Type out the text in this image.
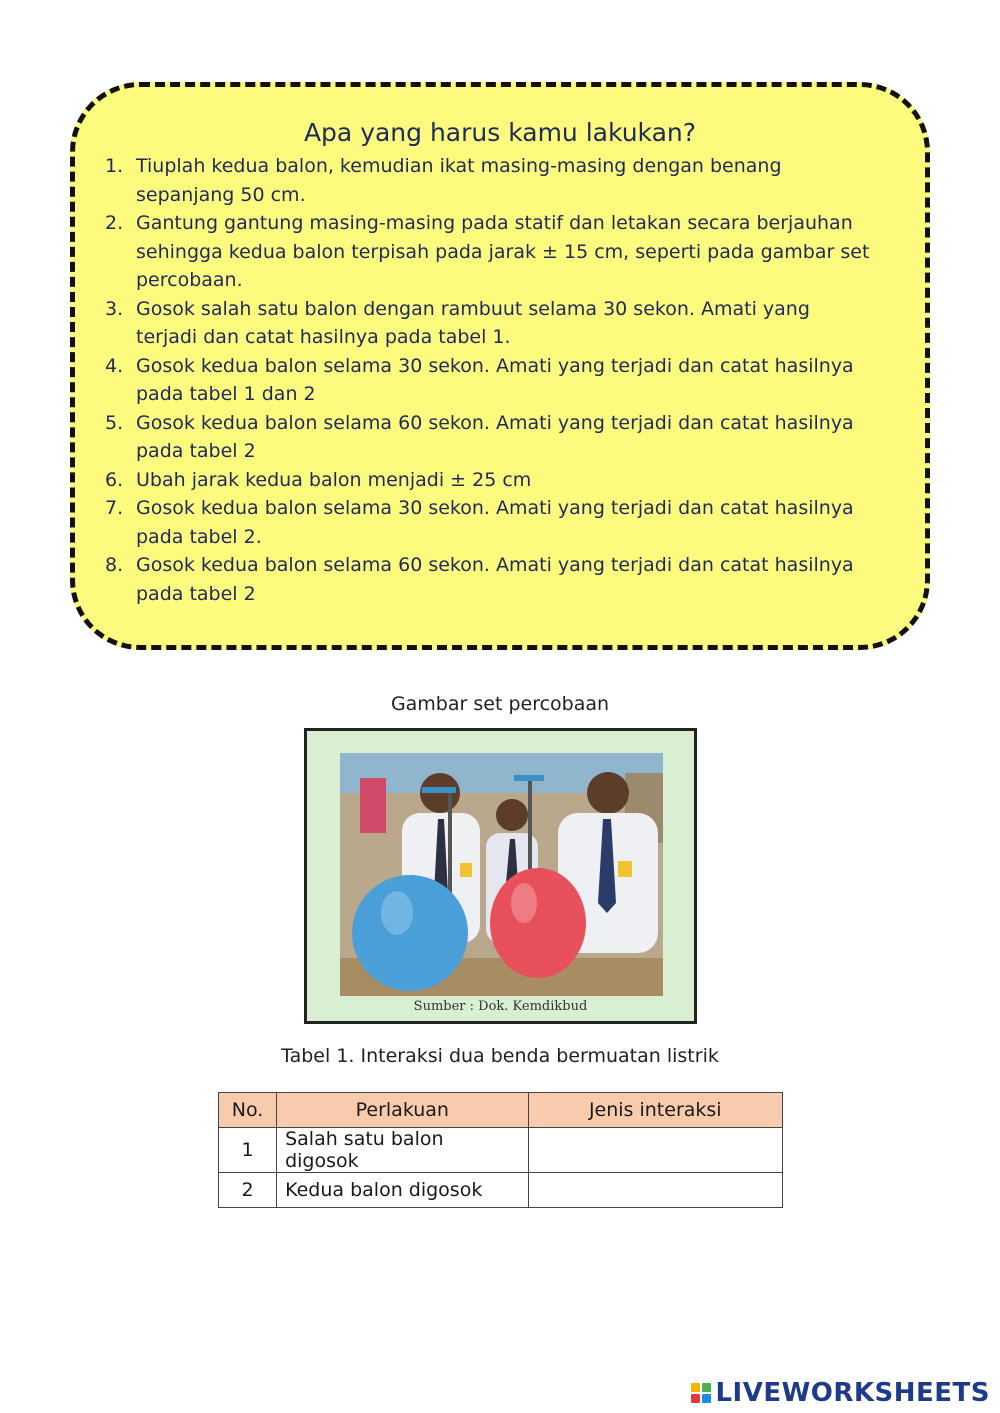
Apa yang harus kamu lakukan?
1. Tiuplah kedua balon, kemudian ikat masing-masing dengan benang sepanjang 50 cm.
2. Gantung gantung masing-masing pada statif dan letakan secara berjauhan sehingga kedua balon terpisah pada jarak ± 15 cm, seperti pada gambar set percobaan.
3. Gosok salah satu balon dengan rambuut selama 30 sekon. Amati yang terjadi dan catat hasilnya pada tabel 1.
4. Gosok kedua balon selama 30 sekon. Amati yang terjadi dan catat hasilnya pada tabel 1 dan 2
5. Gosok kedua balon selama 60 sekon. Amati yang terjadi dan catat hasilnya pada tabel 2
6. Ubah jarak kedua balon menjadi ± 25 cm
7. Gosok kedua balon selama 30 sekon. Amati yang terjadi dan catat hasilnya pada tabel 2.
8. Gosok kedua balon selama 60 sekon. Amati yang terjadi dan catat hasilnya pada tabel 2
Gambar set percobaan
Sumber : Dok. Kemdikbud
Tabel 1. Interaksi dua benda bermuatan listrik
No.	Perlakuan	Jenis interaksi
1	Salah satu balon digosok	
2	Kedua balon digosok	
LIVEWORKSHEETS
